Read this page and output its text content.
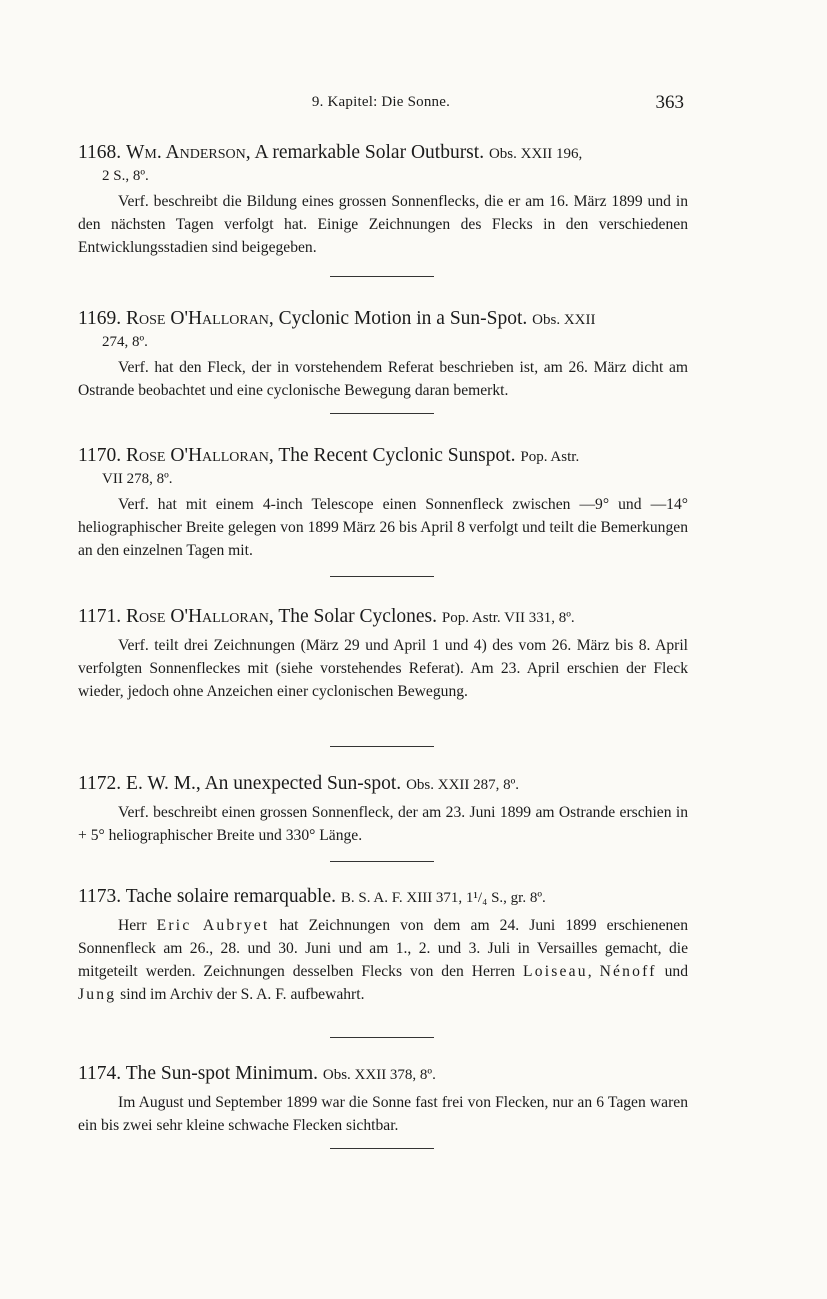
9. Kapitel: Die Sonne.	363
1168. Wm. Anderson, A remarkable Solar Outburst. Obs. XXII 196,
2 S., 8º.
Verf. beschreibt die Bildung eines grossen Sonnenflecks, die er am 16. März 1899 und in den nächsten Tagen verfolgt hat. Einige Zeichnungen des Flecks in den verschiedenen Entwicklungsstadien sind beigegeben.
1169. Rose O'Halloran, Cyclonic Motion in a Sun-Spot. Obs. XXII
274, 8º.
Verf. hat den Fleck, der in vorstehendem Referat beschrieben ist, am 26. März dicht am Ostrande beobachtet und eine cyclonische Bewegung daran bemerkt.
1170. Rose O'Halloran, The Recent Cyclonic Sunspot. Pop. Astr.
VII 278, 8º.
Verf. hat mit einem 4-inch Telescope einen Sonnenfleck zwischen —9° und —14° heliographischer Breite gelegen von 1899 März 26 bis April 8 verfolgt und teilt die Bemerkungen an den einzelnen Tagen mit.
1171. Rose O'Halloran, The Solar Cyclones. Pop. Astr. VII 331, 8º.
Verf. teilt drei Zeichnungen (März 29 und April 1 und 4) des vom 26. März bis 8. April verfolgten Sonnenfleckes mit (siehe vorstehendes Referat). Am 23. April erschien der Fleck wieder, jedoch ohne Anzeichen einer cyclonischen Bewegung.
1172. E. W. M., An unexpected Sun-spot. Obs. XXII 287, 8º.
Verf. beschreibt einen grossen Sonnenfleck, der am 23. Juni 1899 am Ostrande erschien in + 5° heliographischer Breite und 330° Länge.
1173. Tache solaire remarquable. B. S. A. F. XIII 371, 1¹/₄ S., gr. 8º.
Herr Eric Aubryet hat Zeichnungen von dem am 24. Juni 1899 erschienenen Sonnenfleck am 26., 28. und 30. Juni und am 1., 2. und 3. Juli in Versailles gemacht, die mitgeteilt werden. Zeichnungen desselben Flecks von den Herren Loiseau, Nénoff und Jung sind im Archiv der S. A. F. aufbewahrt.
1174. The Sun-spot Minimum. Obs. XXII 378, 8º.
Im August und September 1899 war die Sonne fast frei von Flecken, nur an 6 Tagen waren ein bis zwei sehr kleine schwache Flecken sichtbar.
